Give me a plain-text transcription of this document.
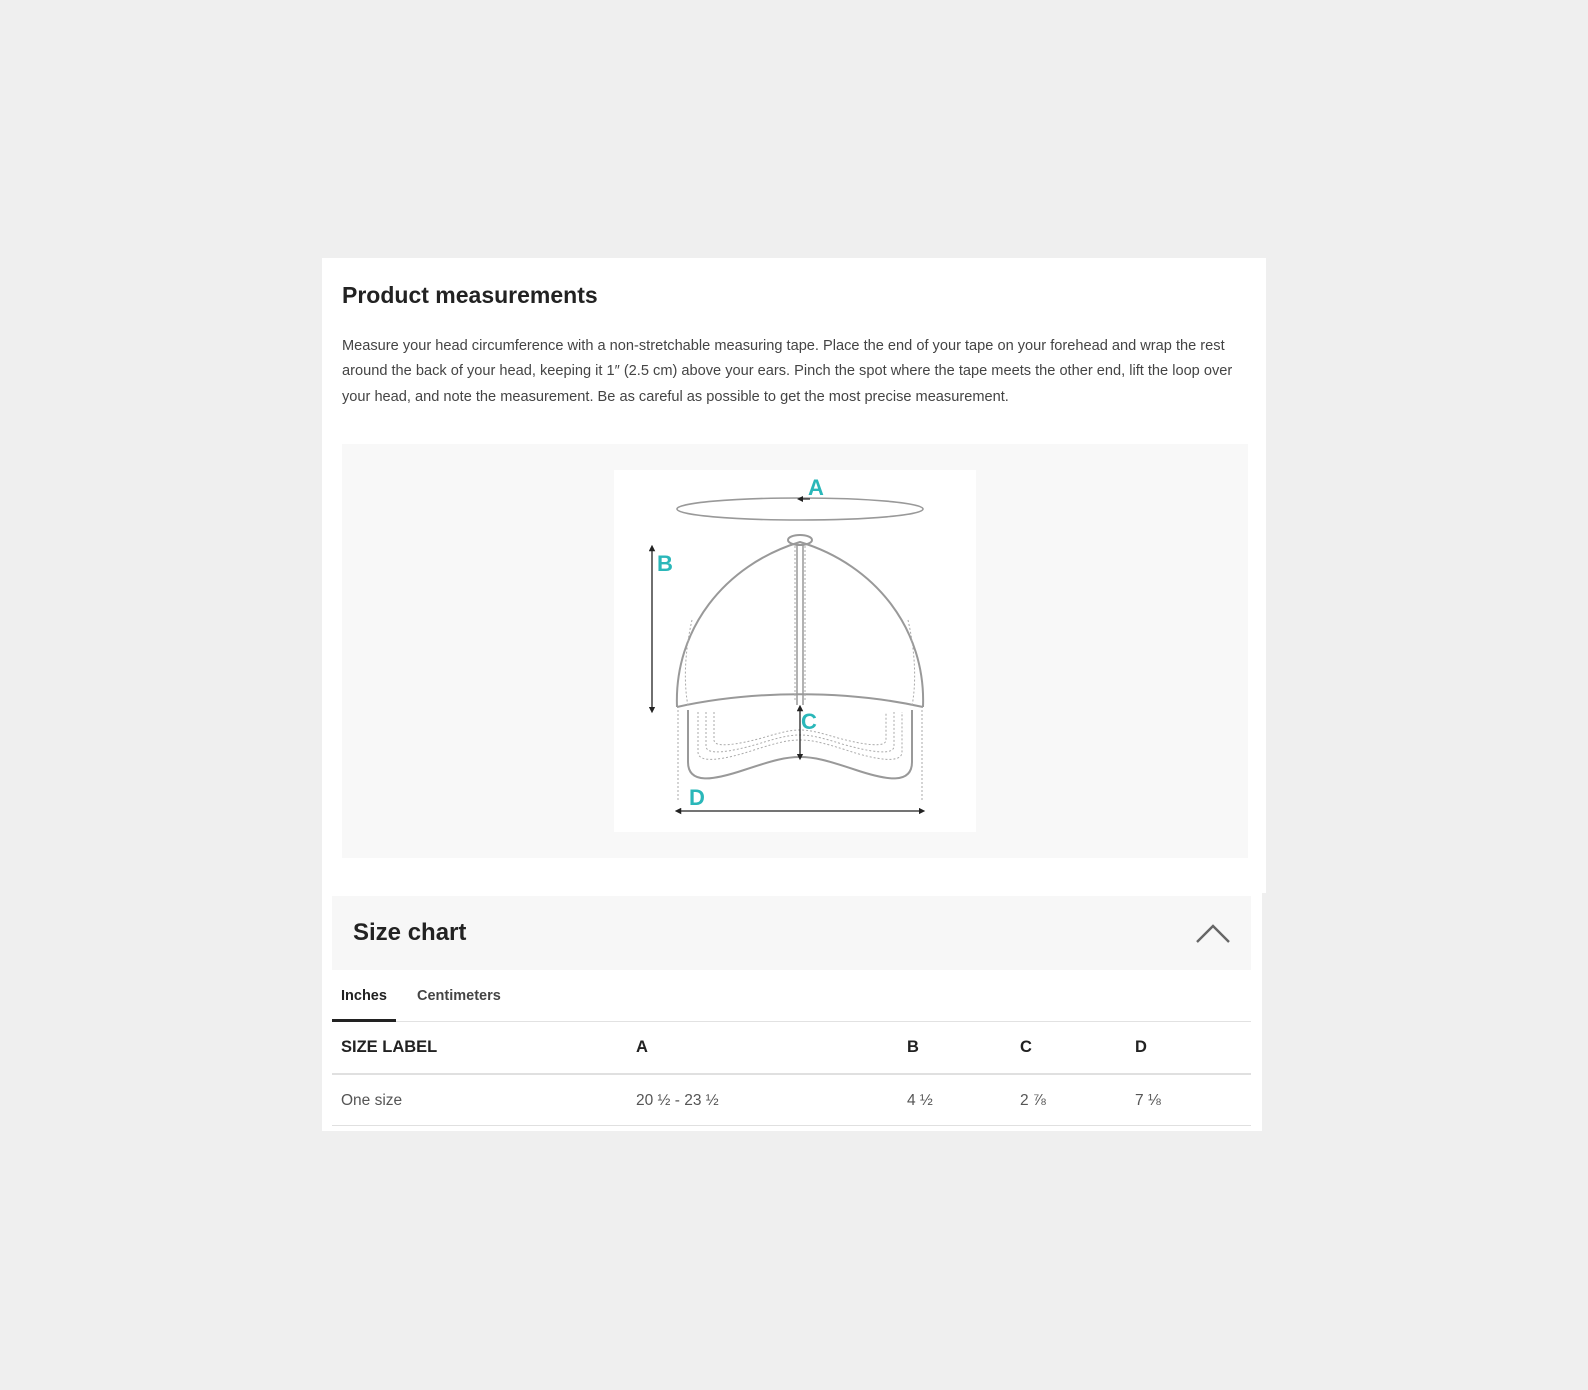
Product measurements

Measure your head circumference with a non-stretchable measuring tape. Place the end of your tape on your forehead and wrap the rest around the back of your head, keeping it 1″ (2.5 cm) above your ears. Pinch the spot where the tape meets the other end, lift the loop over your head, and note the measurement. Be as careful as possible to get the most precise measurement.

A
B
C
D
Size chart
Inches	Centimeters
SIZE LABEL	A	B	C	D
One size	20 ½ - 23 ½	4 ½	2 ⅞	7 ⅛
